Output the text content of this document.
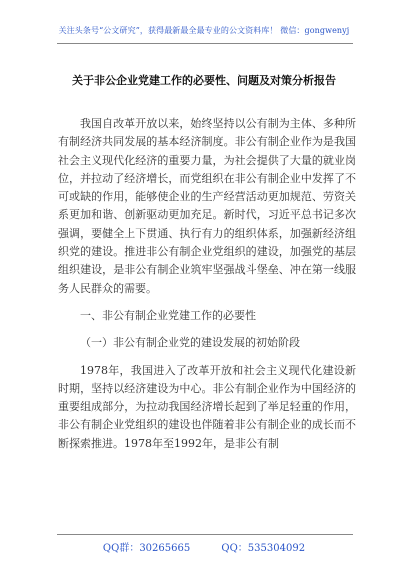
关注头条号“公文研究”，获得最新最全最专业的公文资料库！ 微信：gongwenyj
关于非公企业党建工作的必要性、问题及对策分析报告

我国自改革开放以来，始终坚持以公有制为主体、多种所有制经济共同发展的基本经济制度。非公有制企业作为是我国社会主义现代化经济的重要力量，为社会提供了大量的就业岗位，并拉动了经济增长，而党组织在非公有制企业中发挥了不可或缺的作用，能够使企业的生产经营活动更加规范、劳资关系更加和谐、创新驱动更加充足。新时代，习近平总书记多次强调，要健全上下贯通、执行有力的组织体系，加强新经济组织党的建设。推进非公有制企业党组织的建设，加强党的基层组织建设，是非公有制企业筑牢坚强战斗堡垒、冲在第一线服务人民群众的需要。

一、非公有制企业党建工作的必要性

（一）非公有制企业党的建设发展的初始阶段

1978年，我国进入了改革开放和社会主义现代化建设新时期，坚持以经济建设为中心。非公有制企业作为中国经济的重要组成部分，为拉动我国经济增长起到了举足轻重的作用，非公有制企业党组织的建设也伴随着非公有制企业的成长而不断探索推进。1978年至1992年，是非公有制

QQ群：30265665	QQ：535304092
